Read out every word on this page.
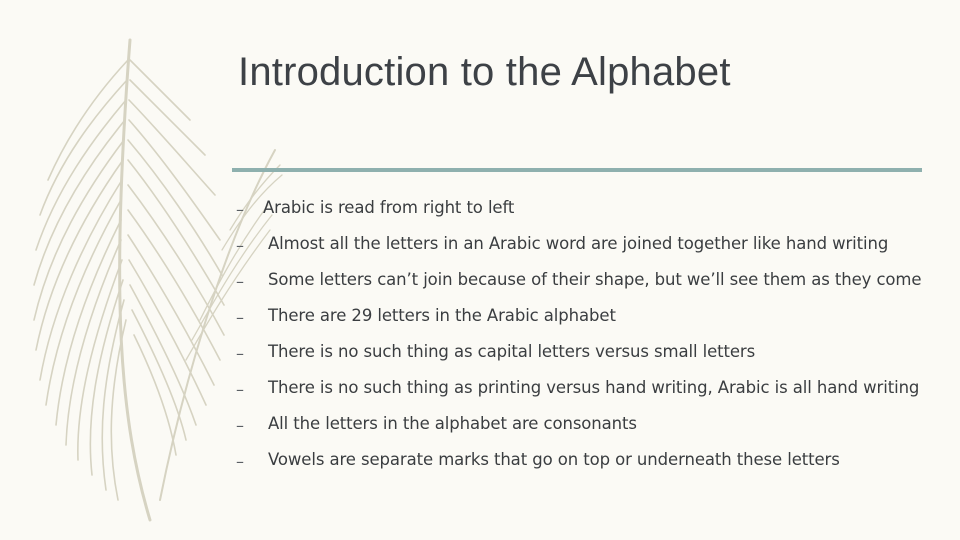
Introduction to the Alphabet
– Arabic is read from right to left
– Almost all the letters in an Arabic word are joined together like hand writing
– Some letters can’t join because of their shape, but we’ll see them as they come
– There are 29 letters in the Arabic alphabet
– There is no such thing as capital letters versus small letters
– There is no such thing as printing versus hand writing, Arabic is all hand writing
– All the letters in the alphabet are consonants
– Vowels are separate marks that go on top or underneath these letters
